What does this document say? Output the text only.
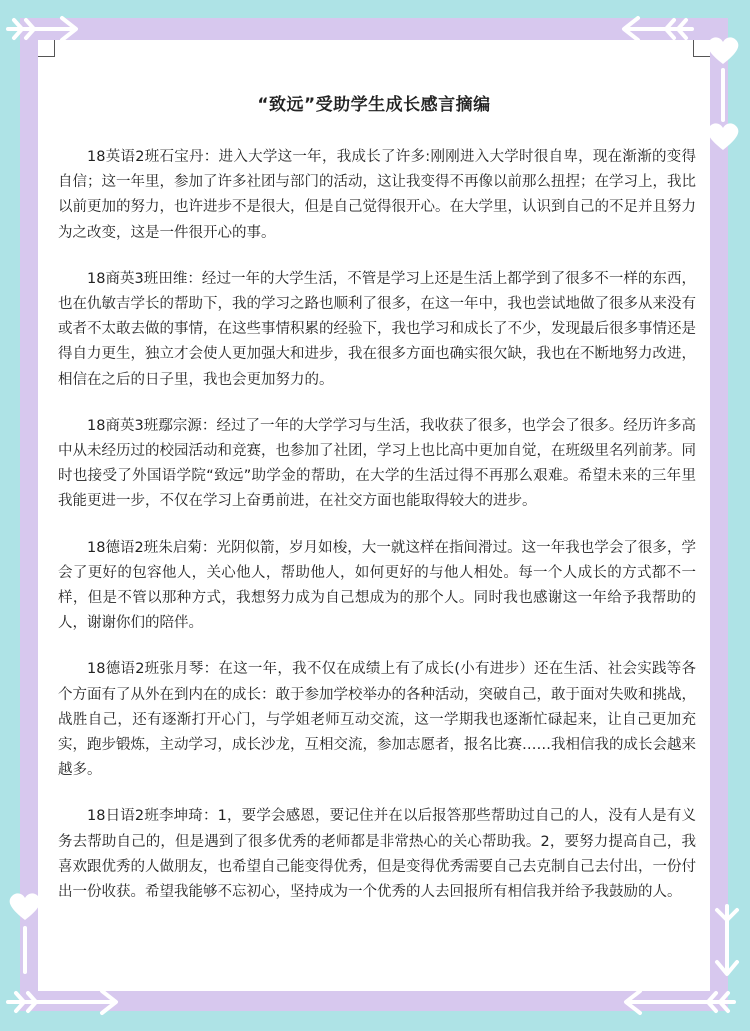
“致远”受助学生成长感言摘编

18英语2班石宝丹：进入大学这一年，我成长了许多:刚刚进入大学时很自卑，现在渐渐的变得自信；这一年里，参加了许多社团与部门的活动，这让我变得不再像以前那么扭捏；在学习上，我比以前更加的努力，也许进步不是很大，但是自己觉得很开心。在大学里，认识到自己的不足并且努力为之改变，这是一件很开心的事。

18商英3班田维：经过一年的大学生活，不管是学习上还是生活上都学到了很多不一样的东西，也在仇敏吉学长的帮助下，我的学习之路也顺利了很多，在这一年中，我也尝试地做了很多从来没有或者不太敢去做的事情，在这些事情积累的经验下，我也学习和成长了不少，发现最后很多事情还是得自力更生，独立才会使人更加强大和进步，我在很多方面也确实很欠缺，我也在不断地努力改进，相信在之后的日子里，我也会更加努力的。

18商英3班鄢宗源：经过了一年的大学学习与生活，我收获了很多，也学会了很多。经历许多高中从未经历过的校园活动和竞赛，也参加了社团，学习上也比高中更加自觉，在班级里名列前茅。同时也接受了外国语学院“致远”助学金的帮助，在大学的生活过得不再那么艰难。希望未来的三年里我能更进一步，不仅在学习上奋勇前进，在社交方面也能取得较大的进步。

18德语2班朱启菊：光阴似箭，岁月如梭，大一就这样在指间滑过。这一年我也学会了很多，学会了更好的包容他人，关心他人，帮助他人，如何更好的与他人相处。每一个人成长的方式都不一样，但是不管以那种方式，我想努力成为自己想成为的那个人。同时我也感谢这一年给予我帮助的人，谢谢你们的陪伴。

18德语2班张月琴：在这一年，我不仅在成绩上有了成长(小有进步）还在生活、社会实践等各个方面有了从外在到内在的成长：敢于参加学校举办的各种活动，突破自己，敢于面对失败和挑战，战胜自己，还有逐渐打开心门，与学姐老师互动交流，这一学期我也逐渐忙碌起来，让自己更加充实，跑步锻炼，主动学习，成长沙龙，互相交流，参加志愿者，报名比赛……我相信我的成长会越来越多。

18日语2班李坤琦：1，要学会感恩，要记住并在以后报答那些帮助过自己的人，没有人是有义务去帮助自己的，但是遇到了很多优秀的老师都是非常热心的关心帮助我。2，要努力提高自己，我喜欢跟优秀的人做朋友，也希望自己能变得优秀，但是变得优秀需要自己去克制自己去付出，一份付出一份收获。希望我能够不忘初心，坚持成为一个优秀的人去回报所有相信我并给予我鼓励的人。
